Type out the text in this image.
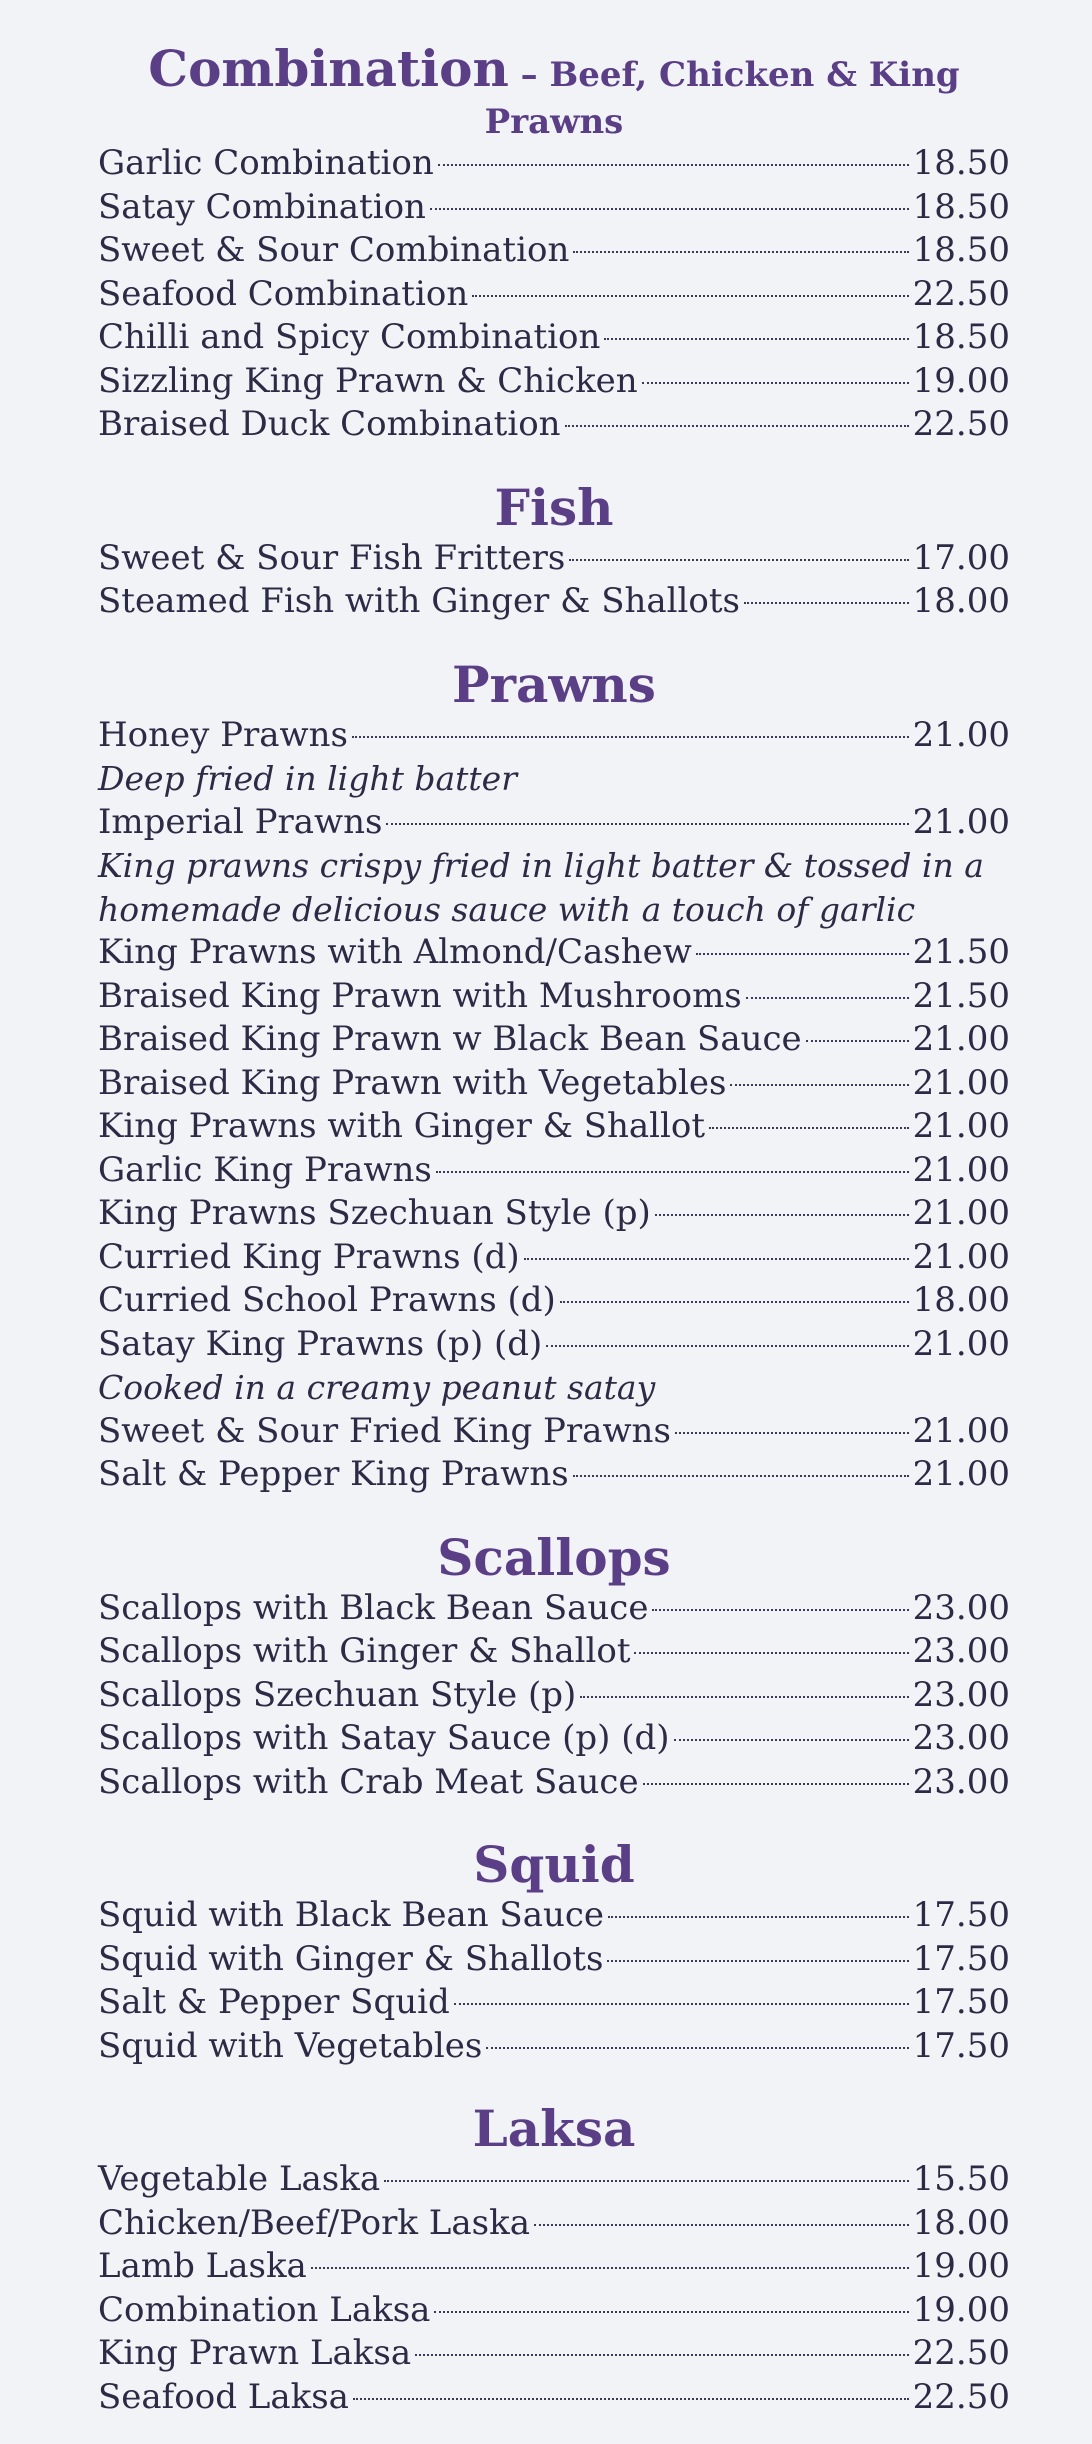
Combination – Beef, Chicken & King
Prawns
Garlic Combination	18.50
Satay Combination	18.50
Sweet & Sour Combination	18.50
Seafood Combination	22.50
Chilli and Spicy Combination	18.50
Sizzling King Prawn & Chicken	19.00
Braised Duck Combination	22.50
Fish
Sweet & Sour Fish Fritters	17.00
Steamed Fish with Ginger & Shallots	18.00
Prawns
Honey Prawns	21.00
Deep fried in light batter
Imperial Prawns	21.00
King prawns crispy fried in light batter & tossed in a
homemade delicious sauce with a touch of garlic
King Prawns with Almond/Cashew	21.50
Braised King Prawn with Mushrooms	21.50
Braised King Prawn w Black Bean Sauce	21.00
Braised King Prawn with Vegetables	21.00
King Prawns with Ginger & Shallot	21.00
Garlic King Prawns	21.00
King Prawns Szechuan Style (p)	21.00
Curried King Prawns (d)	21.00
Curried School Prawns (d)	18.00
Satay King Prawns (p) (d)	21.00
Cooked in a creamy peanut satay
Sweet & Sour Fried King Prawns	21.00
Salt & Pepper King Prawns	21.00
Scallops
Scallops with Black Bean Sauce	23.00
Scallops with Ginger & Shallot	23.00
Scallops Szechuan Style (p)	23.00
Scallops with Satay Sauce (p) (d)	23.00
Scallops with Crab Meat Sauce	23.00
Squid
Squid with Black Bean Sauce	17.50
Squid with Ginger & Shallots	17.50
Salt & Pepper Squid	17.50
Squid with Vegetables	17.50
Laksa
Vegetable Laska	15.50
Chicken/Beef/Pork Laska	18.00
Lamb Laska	19.00
Combination Laksa	19.00
King Prawn Laksa	22.50
Seafood Laksa	22.50
